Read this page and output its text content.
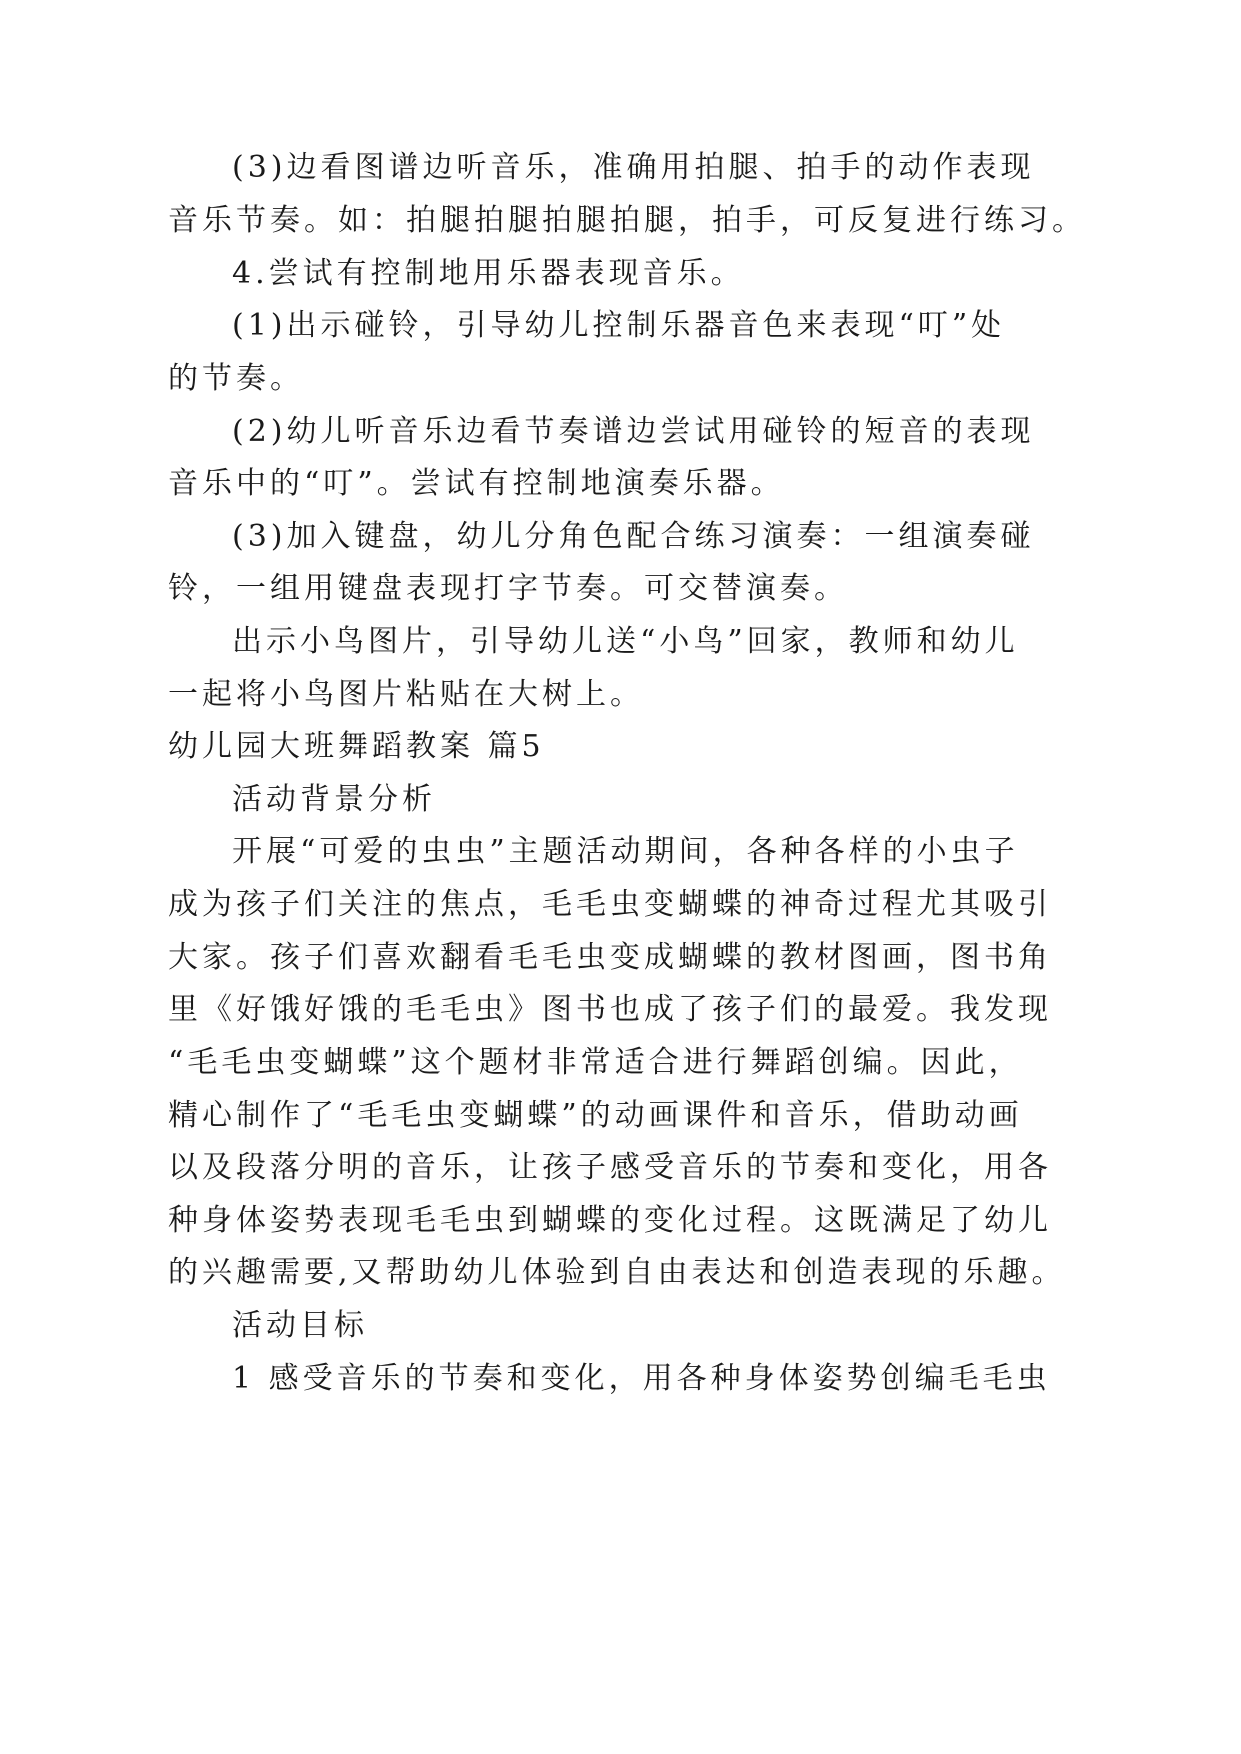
(3)边看图谱边听音乐，准确用拍腿、拍手的动作表现
音乐节奏。如：拍腿拍腿拍腿拍腿，拍手，可反复进行练习。
4.尝试有控制地用乐器表现音乐。
(1)出示碰铃，引导幼儿控制乐器音色来表现“叮”处
的节奏。
(2)幼儿听音乐边看节奏谱边尝试用碰铃的短音的表现
音乐中的“叮”。尝试有控制地演奏乐器。
(3)加入键盘，幼儿分角色配合练习演奏：一组演奏碰
铃，一组用键盘表现打字节奏。可交替演奏。
出示小鸟图片，引导幼儿送“小鸟”回家，教师和幼儿
一起将小鸟图片粘贴在大树上。
幼儿园大班舞蹈教案 篇5
活动背景分析
开展“可爱的虫虫”主题活动期间，各种各样的小虫子
成为孩子们关注的焦点，毛毛虫变蝴蝶的神奇过程尤其吸引
大家。孩子们喜欢翻看毛毛虫变成蝴蝶的教材图画，图书角
里《好饿好饿的毛毛虫》图书也成了孩子们的最爱。我发现
“毛毛虫变蝴蝶”这个题材非常适合进行舞蹈创编。因此，
精心制作了“毛毛虫变蝴蝶”的动画课件和音乐，借助动画
以及段落分明的音乐，让孩子感受音乐的节奏和变化，用各
种身体姿势表现毛毛虫到蝴蝶的变化过程。这既满足了幼儿
的兴趣需要,又帮助幼儿体验到自由表达和创造表现的乐趣。
活动目标
1 感受音乐的节奏和变化，用各种身体姿势创编毛毛虫
